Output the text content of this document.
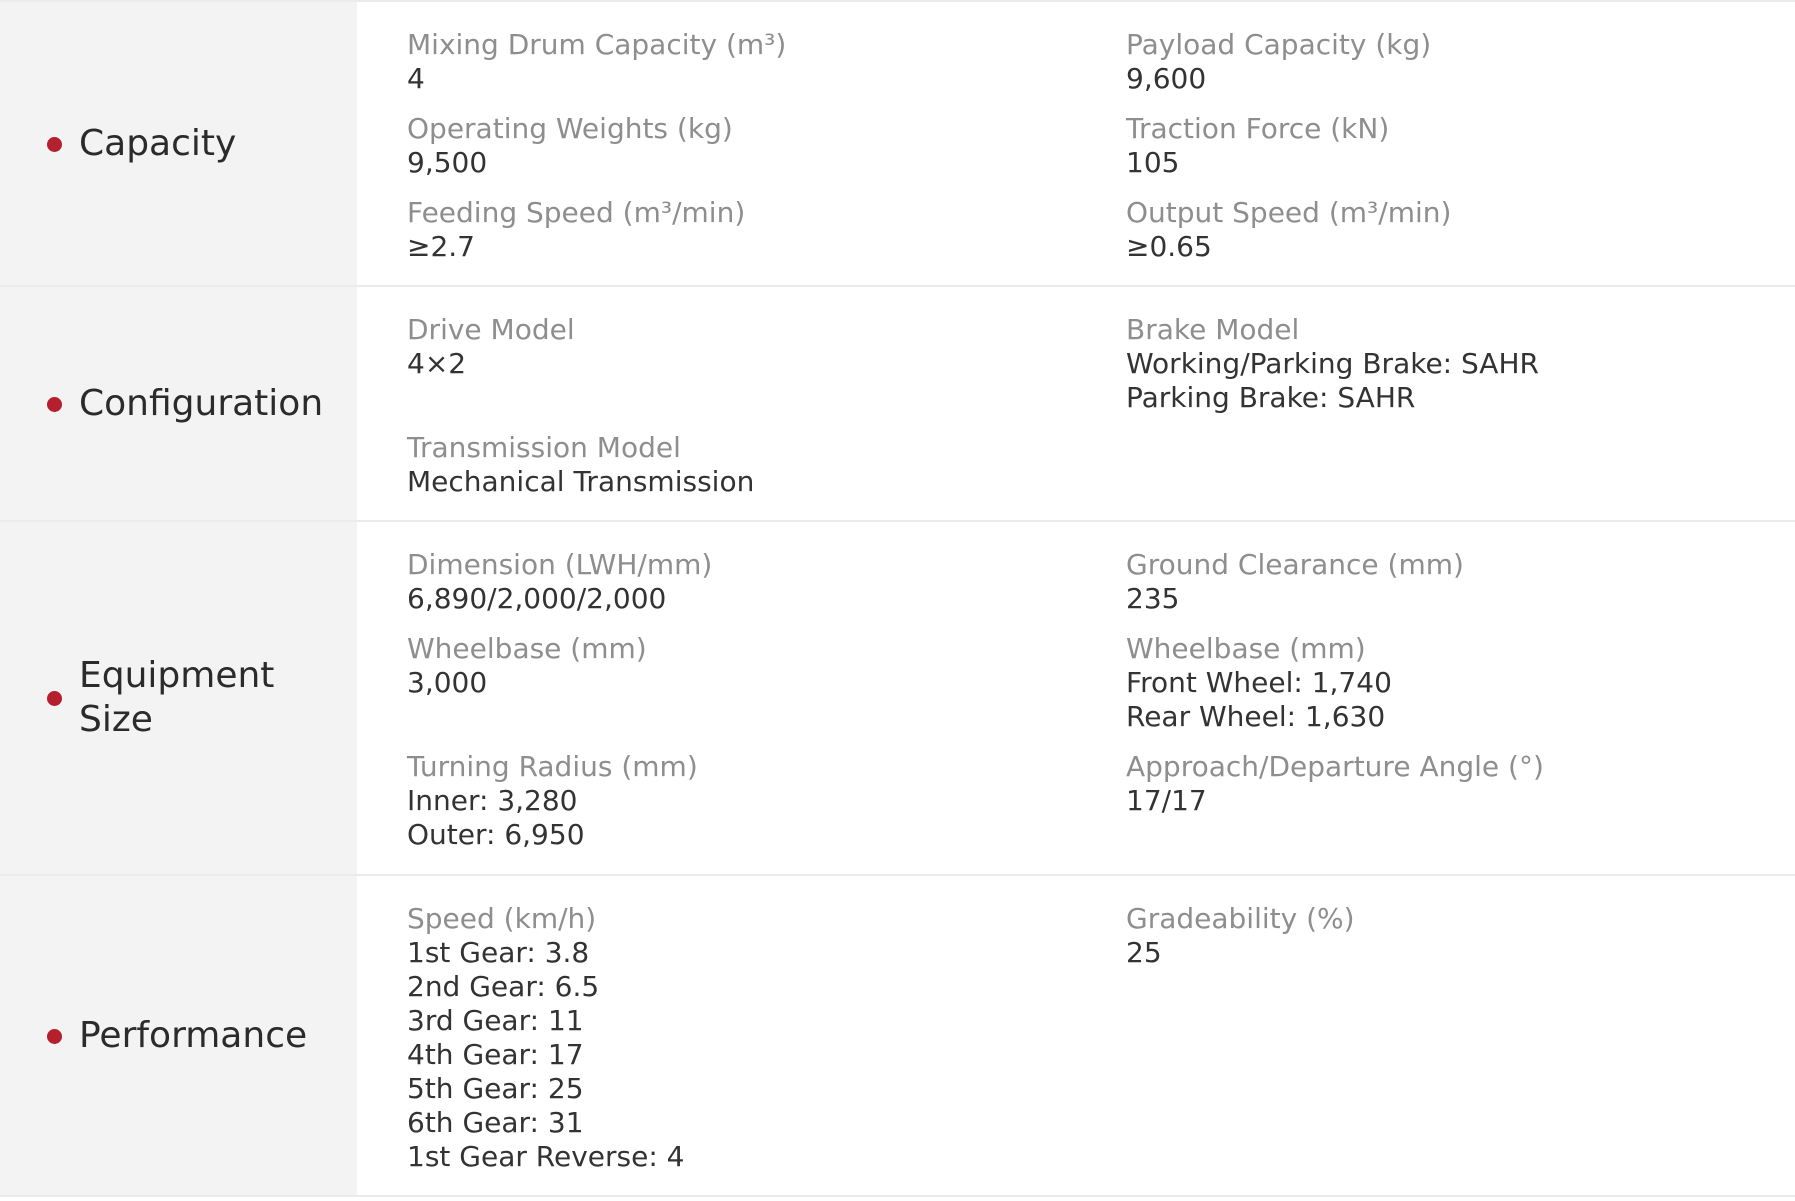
Capacity
Mixing Drum Capacity (m³)
4
Operating Weights (kg)
9,500
Feeding Speed (m³/min)
≥2.7
Payload Capacity (kg)
9,600
Traction Force (kN)
105
Output Speed (m³/min)
≥0.65
Configuration
Drive Model
4×2
Transmission Model
Mechanical Transmission
Brake Model
Working/Parking Brake: SAHR
Parking Brake: SAHR
Equipment Size
Dimension (LWH/mm)
6,890/2,000/2,000
Wheelbase (mm)
3,000
Turning Radius (mm)
Inner: 3,280
Outer: 6,950
Ground Clearance (mm)
235
Wheelbase (mm)
Front Wheel: 1,740
Rear Wheel: 1,630
Approach/Departure Angle (°)
17/17
Performance
Speed (km/h)
1st Gear: 3.8
2nd Gear: 6.5
3rd Gear: 11
4th Gear: 17
5th Gear: 25
6th Gear: 31
1st Gear Reverse: 4
Gradeability (%)
25
